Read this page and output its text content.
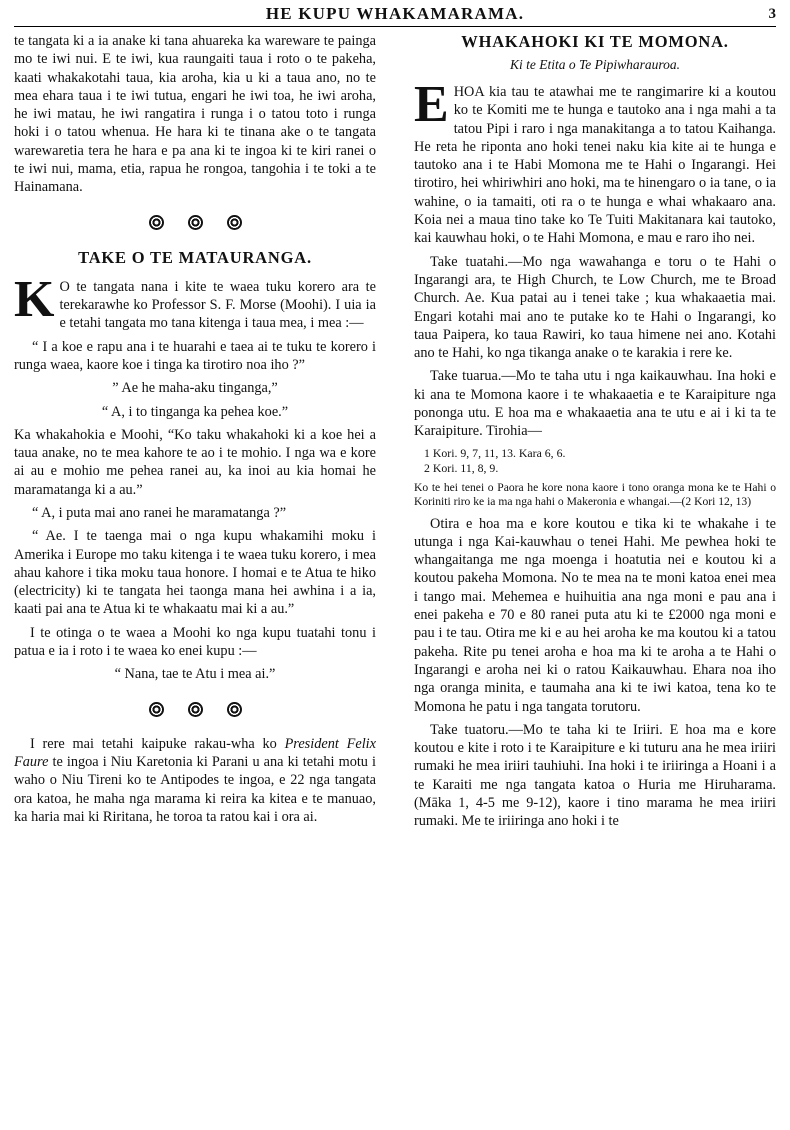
HE KUPU WHAKAMARAMA.	3

te tangata ki a ia anake ki tana ahuareka ka wareware te painga mo te iwi nui. E te iwi, kua raungaiti taua i roto o te pakeha, kaati whakakotahi taua, kia aroha, kia u ki a taua ano, no te mea ehara taua i te iwi tutua, engari he iwi toa, he iwi aroha, he iwi matau, he iwi rangatira i runga i o tatou toto i runga hoki i o tatou whenua. He hara ki te tinana ake o te tangata warewaretia tera he hara e pa ana ki te ingoa ki te kiri ranei o te iwi nui, mama, etia, rapua he rongoa, tangohia i te toki a te Hainamana.

TAKE O TE MATAURANGA.
K O te tangata nana i kite te waea tuku korero ara te terekarawhe ko Professor S. F. Morse (Moohi). I uia ia e tetahi tangata mo tana kitenga i taua mea, i mea :—

“ I a koe e rapu ana i te huarahi e taea ai te tuku te korero i runga waea, kaore koe i tinga ka tirotiro noa iho ?”

” Ae he maha-aku tinganga,”

“ A, i to tinganga ka pehea koe.”

Ka whakahokia e Moohi, “Ko taku whakahoki ki a koe hei a taua anake, no te mea kahore te ao i te mohio. I nga wa e kore ai au e mohio me pehea ranei au, ka inoi au kia homai he maramatanga ki a au.”

“ A, i puta mai ano ranei he maramatanga ?”

“ Ae. I te taenga mai o nga kupu whakamihi moku i Amerika i Europe mo taku kitenga i te waea tuku korero, i mea ahau kahore i tika moku taua honore. I homai e te Atua te hiko (electricity) ki te tangata hei taonga mana hei awhina i a ia, kaati pai ana te Atua ki te whakaatu mai ki a au.”

I te otinga o te waea a Moohi ko nga kupu tuatahi tonu i patua e ia i roto i te waea ko enei kupu :—

“ Nana, tae te Atu i mea ai.”

I rere mai tetahi kaipuke rakau-wha ko President Felix Faure te ingoa i Niu Karetonia ki Parani u ana ki tetahi motu i waho o Niu Tireni ko te Antipodes te ingoa, e 22 nga tangata ora katoa, he maha nga marama ki reira ka kitea e te manuao, ka haria mai ki Riritana, he toroa ta ratou kai i ora ai.

WHAKAHOKI KI TE MOMONA.
Ki te Etita o Te Pipiwharauroa.
E HOA kia tau te atawhai me te rangimarire ki a koutou ko te Komiti me te hunga e tautoko ana i nga mahi a ta tatou Pipi i raro i nga manakitanga a to tatou Kaihanga. He reta he riponta ano hoki tenei naku kia kite ai te hunga e tautoko ana i te Habi Momona me te Hahi o Ingarangi. Hei tirotiro, hei whiriwhiri ano hoki, ma te hinengaro o ia tane, o ia wahine, o ia tamaiti, oti ra o te hunga e whai whakaaro ana. Koia nei a maua tino take ko Te Tuiti Makitanara kai tautoko, kai kauwhau hoki, o te Hahi Momona, e mau e raro iho nei.

Take tuatahi.—Mo nga wawahanga e toru o te Hahi o Ingarangi ara, te High Church, te Low Church, me te Broad Church. Ae. Kua patai au i tenei take ; kua whakaaetia mai. Engari kotahi mai ano te putake ko te Hahi o Ingarangi, ko taua Paipera, ko taua Rawiri, ko taua himene nei ano. Kotahi ano te Hahi, ko nga tikanga anake o te karakia i rere ke.

Take tuarua.—Mo te taha utu i nga kaikauwhau. Ina hoki e ki ana te Momona kaore i te whakaaetia e te Karaipiture nga pononga utu. E hoa ma e whakaaetia ana te utu e ai i ki ta te Karaipiture. Tirohia—

1 Kori. 9, 7, 11, 13. Kara 6, 6.

2 Kori. 11, 8, 9.

Ko te hei tenei o Paora he kore nona kaore i tono oranga mona ke te Hahi o Koriniti riro ke ia ma nga hahi o Makeronia e whangai.—(2 Kori 12, 13)

Otira e hoa ma e kore koutou e tika ki te whakahe i te utunga i nga Kai-kauwhau o tenei Hahi. Me pewhea hoki te whangaitanga me nga moenga i hoatutia nei e koutou ki a koutou pakeha Momona. No te mea na te moni katoa enei mea i tango mai. Mehemea e huihuitia ana nga moni e pau ana i enei pakeha e 70 e 80 ranei puta atu ki te £2000 nga moni e pau i te tau. Otira me ki e au hei aroha ke ma koutou ki a tatou pakeha. Rite pu tenei aroha e hoa ma ki te aroha a te Hahi o Ingarangi e aroha nei ki o ratou Kaikauwhau. Ehara noa iho nga oranga minita, e taumaha ana ki te iwi katoa, tena ko te Momona he patu i nga tangata torutoru.

Take tuatoru.—Mo te taha ki te Iriiri. E hoa ma e kore koutou e kite i roto i te Karaipiture e ki tuturu ana he mea iriiri rumaki he mea iriiri tauhiuhi. Ina hoki i te iriiringa a Hoani i a te Karaiti me nga tangata katoa o Huria me Hiruharama. (Māka 1, 4-5 me 9-12), kaore i tino marama he mea iriiri rumaki. Me te iriiringa ano hoki i te
